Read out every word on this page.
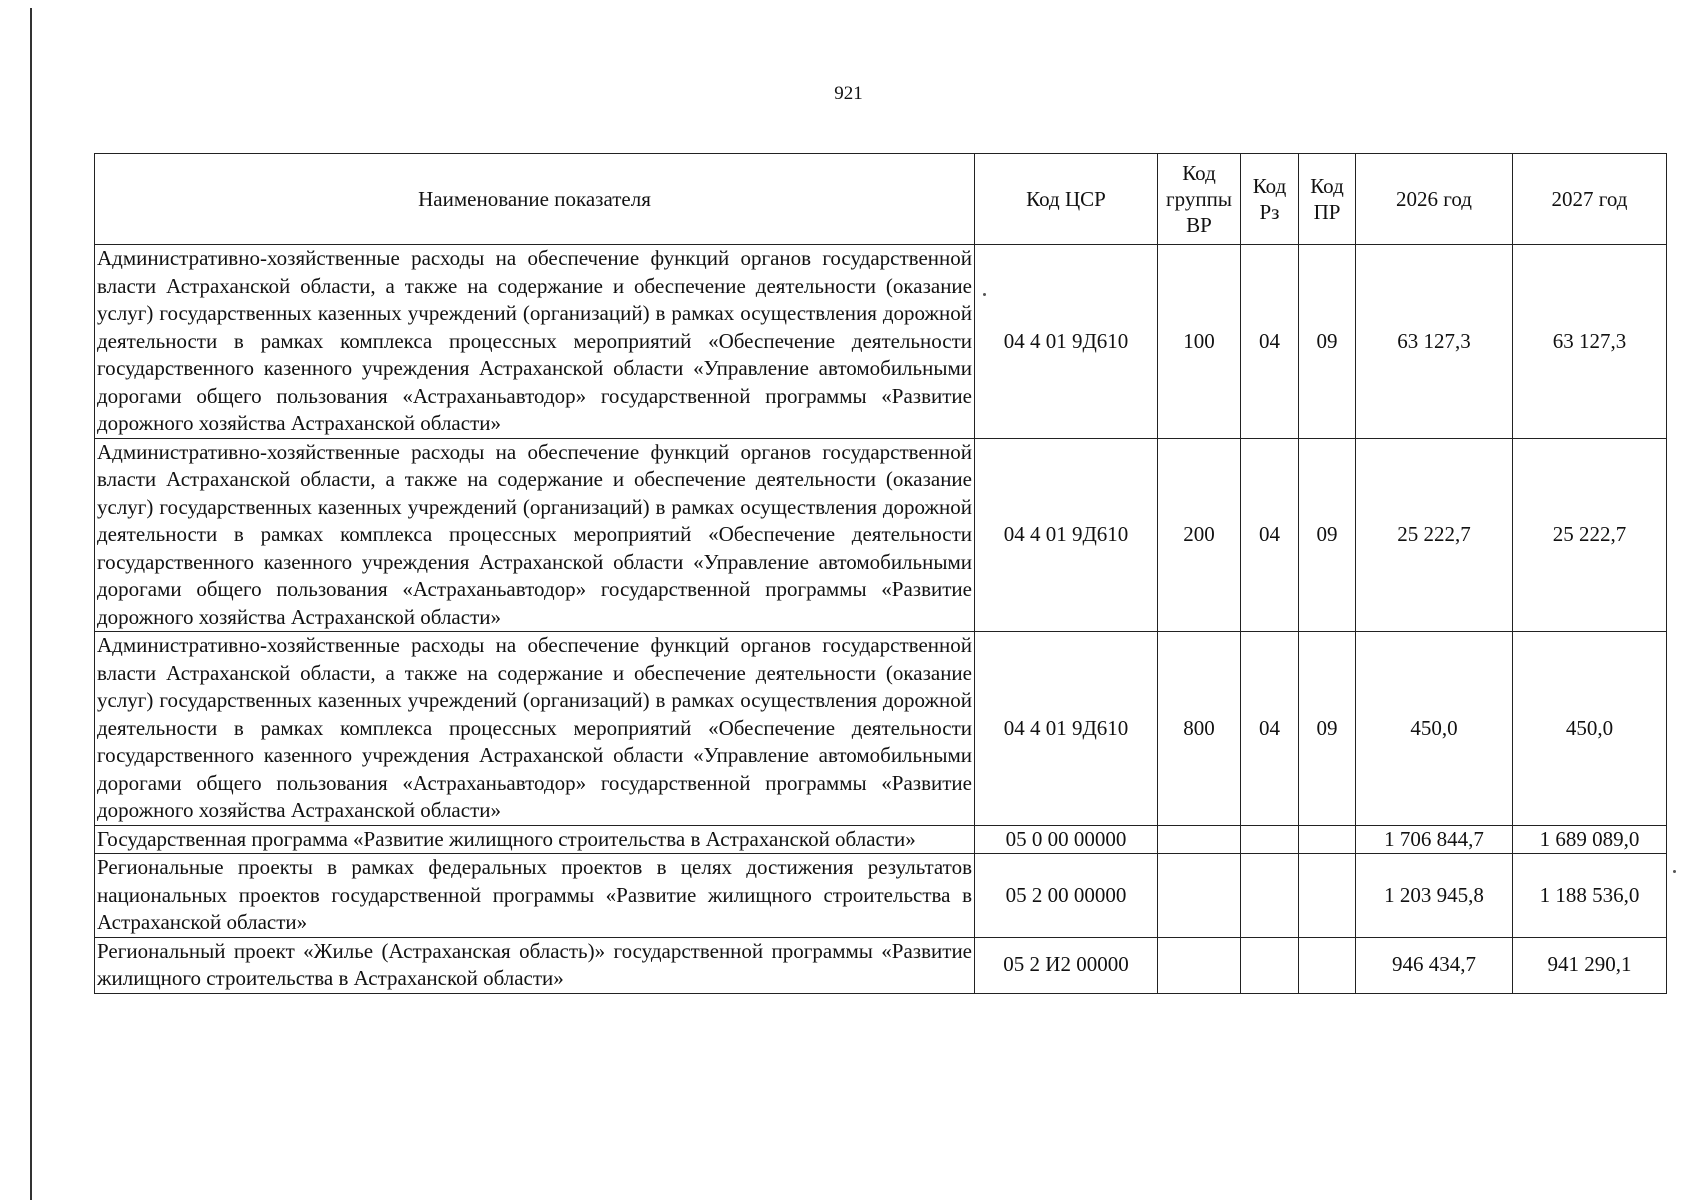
921
Наименование показателя	Код ЦСР	Код группы ВР	Код Рз	Код ПР	2026 год	2027 год
Административно-хозяйственные расходы на обеспечение функций органов государственной власти Астраханской области, а также на содержание и обеспечение деятельности (оказание услуг) государственных казенных учреждений (организаций) в рамках осуществления дорожной деятельности в рамках комплекса процессных мероприятий «Обеспечение деятельности государственного казенного учреждения Астраханской области «Управление автомобильными дорогами общего пользования «Астраханьавтодор» государственной программы «Развитие дорожного хозяйства Астраханской области»	04 4 01 9Д610	100	04	09	63 127,3	63 127,3
Административно-хозяйственные расходы на обеспечение функций органов государственной власти Астраханской области, а также на содержание и обеспечение деятельности (оказание услуг) государственных казенных учреждений (организаций) в рамках осуществления дорожной деятельности в рамках комплекса процессных мероприятий «Обеспечение деятельности государственного казенного учреждения Астраханской области «Управление автомобильными дорогами общего пользования «Астраханьавтодор» государственной программы «Развитие дорожного хозяйства Астраханской области»	04 4 01 9Д610	200	04	09	25 222,7	25 222,7
Административно-хозяйственные расходы на обеспечение функций органов государственной власти Астраханской области, а также на содержание и обеспечение деятельности (оказание услуг) государственных казенных учреждений (организаций) в рамках осуществления дорожной деятельности в рамках комплекса процессных мероприятий «Обеспечение деятельности государственного казенного учреждения Астраханской области «Управление автомобильными дорогами общего пользования «Астраханьавтодор» государственной программы «Развитие дорожного хозяйства Астраханской области»	04 4 01 9Д610	800	04	09	450,0	450,0
Государственная программа «Развитие жилищного строительства в Астраханской области»	05 0 00 00000				1 706 844,7	1 689 089,0
Региональные проекты в рамках федеральных проектов в целях достижения результатов национальных проектов государственной программы «Развитие жилищного строительства в Астраханской области»	05 2 00 00000				1 203 945,8	1 188 536,0
Региональный проект «Жилье (Астраханская область)» государственной программы «Развитие жилищного строительства в Астраханской области»	05 2 И2 00000				946 434,7	941 290,1
